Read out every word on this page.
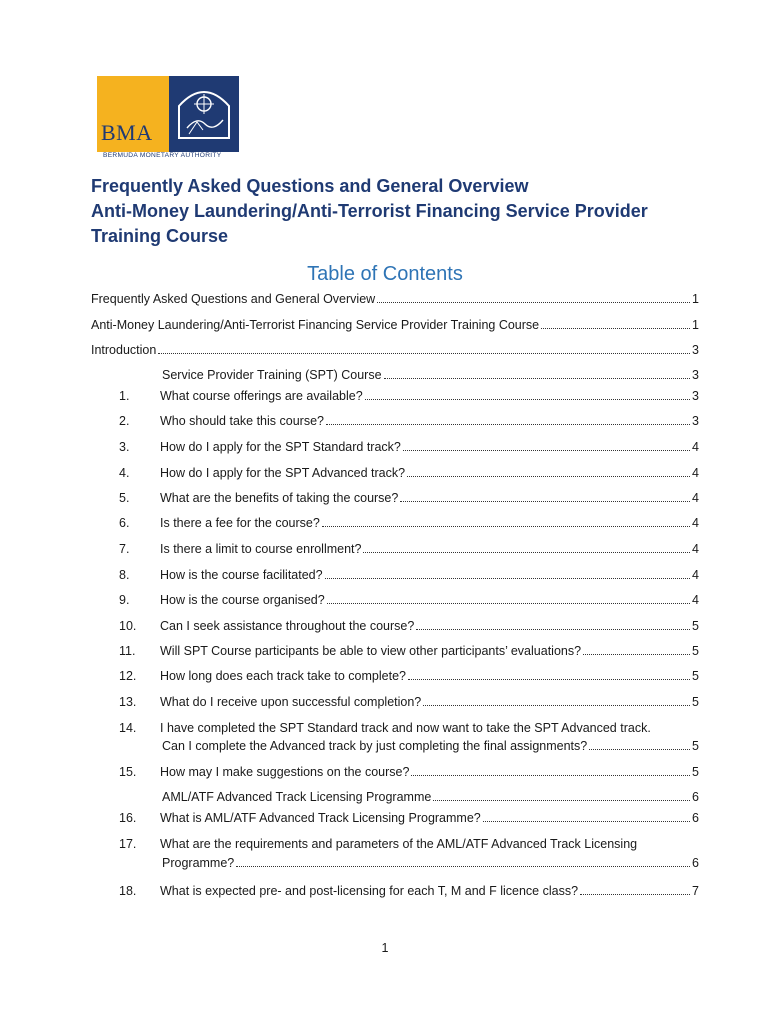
BMA
BERMUDA MONETARY AUTHORITY
Frequently Asked Questions and General Overview
Anti-Money Laundering/Anti-Terrorist Financing Service Provider
Training Course
Table of Contents
Frequently Asked Questions and General Overview	1
Anti-Money Laundering/Anti-Terrorist Financing Service Provider Training Course	1
Introduction	3
Service Provider Training (SPT) Course	3
1.	What course offerings are available?	3
2.	Who should take this course?	3
3.	How do I apply for the SPT Standard track?	4
4.	How do I apply for the SPT Advanced track?	4
5.	What are the benefits of taking the course?	4
6.	Is there a fee for the course?	4
7.	Is there a limit to course enrollment?	4
8.	How is the course facilitated?	4
9.	How is the course organised?	4
10.	Can I seek assistance throughout the course?	5
11.	Will SPT Course participants be able to view other participants’ evaluations?	5
12.	How long does each track take to complete?	5
13.	What do I receive upon successful completion?	5
14.	I have completed the SPT Standard track and now want to take the SPT Advanced track.
Can I complete the Advanced track by just completing the final assignments?	5
15.	How may I make suggestions on the course?	5
AML/ATF Advanced Track Licensing Programme	6
16.	What is AML/ATF Advanced Track Licensing Programme?	6
17.	What are the requirements and parameters of the AML/ATF Advanced Track Licensing
Programme?	6
18.	What is expected pre- and post-licensing for each T, M and F licence class?	7
1
